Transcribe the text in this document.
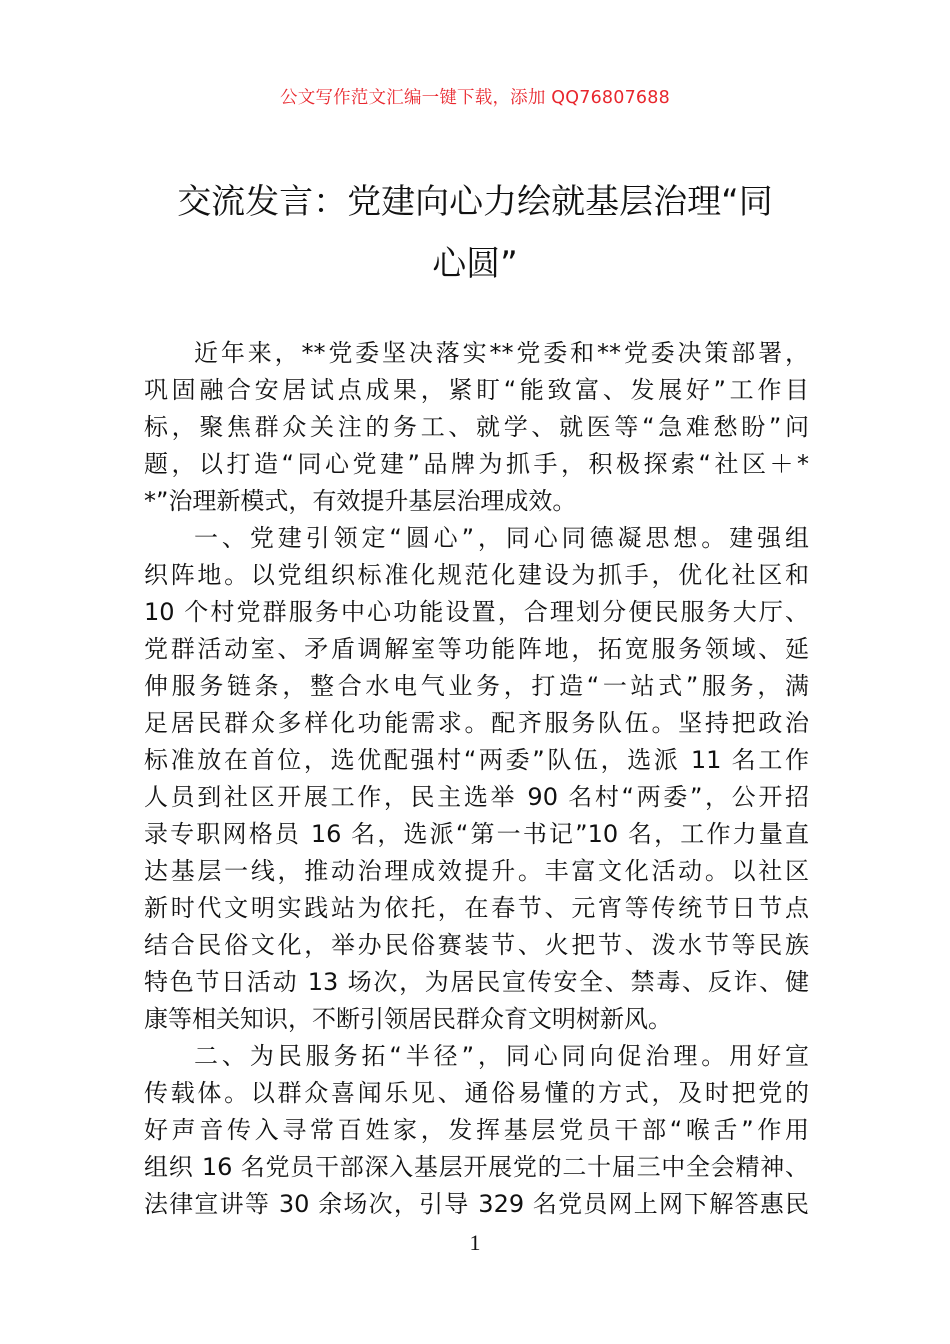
公文写作范文汇编一键下载，添加 QQ76807688
交流发言：党建向心力绘就基层治理“同
心圆”
近年来，**党委坚决落实**党委和**党委决策部署，
巩固融合安居试点成果，紧盯“能致富、发展好”工作目
标，聚焦群众关注的务工、就学、就医等“急难愁盼”问
题，以打造“同心党建”品牌为抓手，积极探索“社区＋*
*”治理新模式，有效提升基层治理成效。
一、党建引领定“圆心”，同心同德凝思想。建强组
织阵地。以党组织标准化规范化建设为抓手，优化社区和
10 个村党群服务中心功能设置，合理划分便民服务大厅、
党群活动室、矛盾调解室等功能阵地，拓宽服务领域、延
伸服务链条，整合水电气业务，打造“一站式”服务，满
足居民群众多样化功能需求。配齐服务队伍。坚持把政治
标准放在首位，选优配强村“两委”队伍，选派 11 名工作
人员到社区开展工作，民主选举 90 名村“两委”，公开招
录专职网格员 16 名，选派“第一书记”10 名，工作力量直
达基层一线，推动治理成效提升。丰富文化活动。以社区
新时代文明实践站为依托，在春节、元宵等传统节日节点
结合民俗文化，举办民俗赛装节、火把节、泼水节等民族
特色节日活动 13 场次，为居民宣传安全、禁毒、反诈、健
康等相关知识，不断引领居民群众育文明树新风。
二、为民服务拓“半径”，同心同向促治理。用好宣
传载体。以群众喜闻乐见、通俗易懂的方式，及时把党的
好声音传入寻常百姓家，发挥基层党员干部“喉舌”作用
组织 16 名党员干部深入基层开展党的二十届三中全会精神、
法律宣讲等 30 余场次，引导 329 名党员网上网下解答惠民
1
